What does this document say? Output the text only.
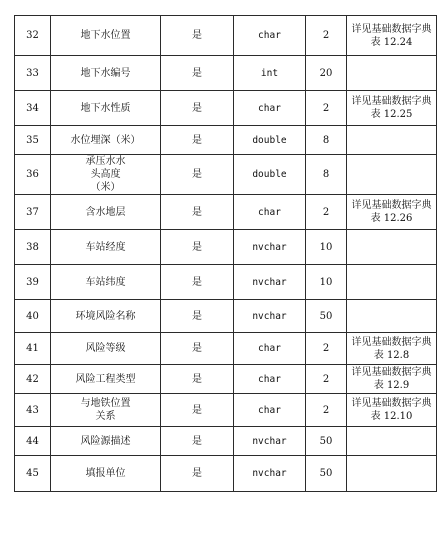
32	地下水位置	是	char	2	详见基础数据字典表 12.24
33	地下水编号	是	int	20	
34	地下水性质	是	char	2	详见基础数据字典表 12.25
35	水位埋深（米）	是	double	8	
36	承压水水头高度（米）	是	double	8	
37	含水地层	是	char	2	详见基础数据字典表 12.26
38	车站经度	是	nvchar	10	
39	车站纬度	是	nvchar	10	
40	环境风险名称	是	nvchar	50	
41	风险等级	是	char	2	详见基础数据字典表 12.8
42	风险工程类型	是	char	2	详见基础数据字典表 12.9
43	与地铁位置关系	是	char	2	详见基础数据字典表 12.10
44	风险源描述	是	nvchar	50	
45	填报单位	是	nvchar	50	
